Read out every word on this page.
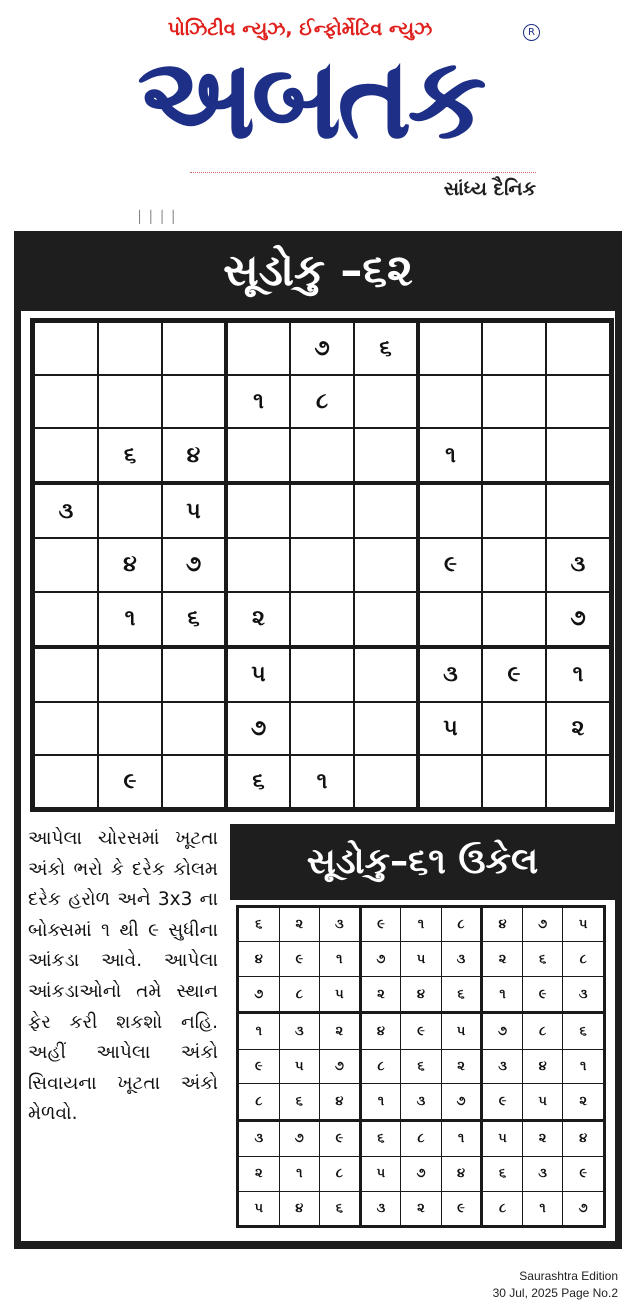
પોઝિટીવ ન્યુઝ, ઈન્ફોર્મેટિવ ન્યુઝ	R
અબતક
સાંધ્ય દૈનિક
││││
સૂડોકુ –૬૨
				૭	૬			
			૧	૮				
	૬	૪				૧		
૩		૫						
	૪	૭				૯		૩
	૧	૬	૨					૭
			૫			૩	૯	૧
			૭			૫		૨
	૯		૬	૧				
આપેલા ચોરસમાં ખૂટતા અંકો ભરો કે દરેક કોલમ દરેક હરોળ અને 3x3 ના બોક્સમાં ૧ થી ૯ સુધીના આંકડા આવે. આપેલા આંકડાઓનો તમે સ્થાન ફેર કરી શકશો નહિ. અહીં આપેલા અંકો સિવાયના ખૂટતા અંકો મેળવો.
સૂડોકુ–૬૧ ઉકેલ
૬	૨	૩	૯	૧	૮	૪	૭	૫
૪	૯	૧	૭	૫	૩	૨	૬	૮
૭	૮	૫	૨	૪	૬	૧	૯	૩
૧	૩	૨	૪	૯	૫	૭	૮	૬
૯	૫	૭	૮	૬	૨	૩	૪	૧
૮	૬	૪	૧	૩	૭	૯	૫	૨
૩	૭	૯	૬	૮	૧	૫	૨	૪
૨	૧	૮	૫	૭	૪	૬	૩	૯
૫	૪	૬	૩	૨	૯	૮	૧	૭
Saurashtra Edition
30 Jul, 2025 Page No.2
